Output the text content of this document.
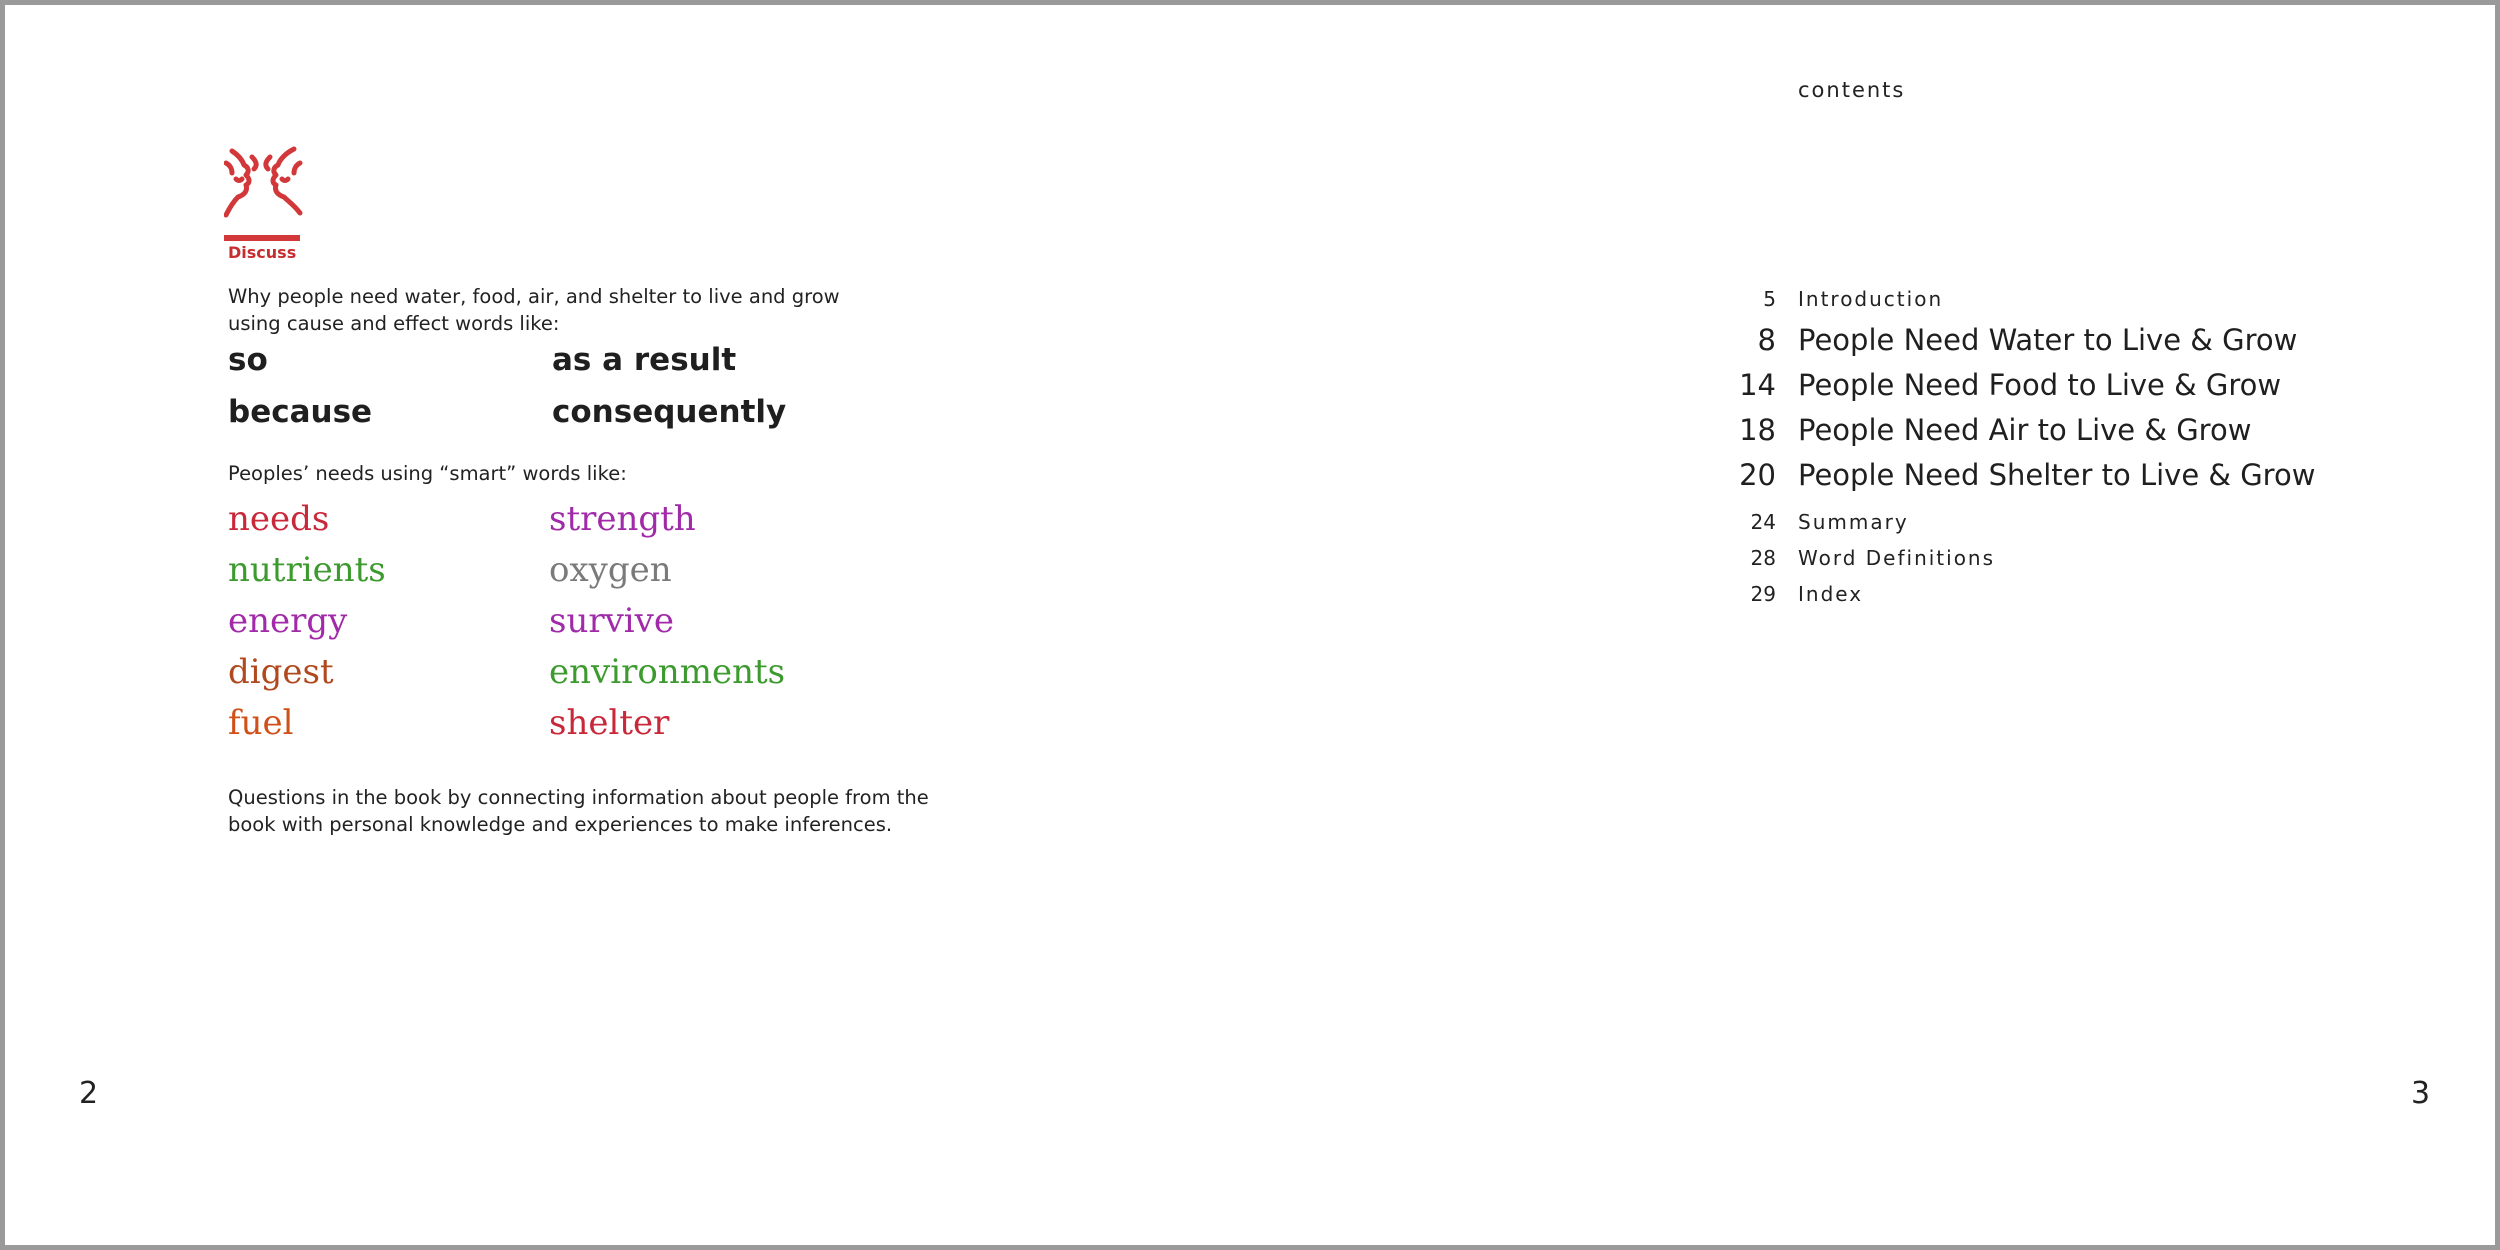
Discuss
Why people need water, food, air, and shelter to live and grow
using cause and effect words like:
so	as a result
because	consequently
Peoples’ needs using “smart” words like:
needs	strength
nutrients	oxygen
energy	survive
digest	environments
fuel	shelter
Questions in the book by connecting information about people from the
book with personal knowledge and experiences to make inferences.
2
contents
5 Introduction
8 People Need Water to Live & Grow
14 People Need Food to Live & Grow
18 People Need Air to Live & Grow
20 People Need Shelter to Live & Grow
24 Summary
28 Word Definitions
29 Index
3
